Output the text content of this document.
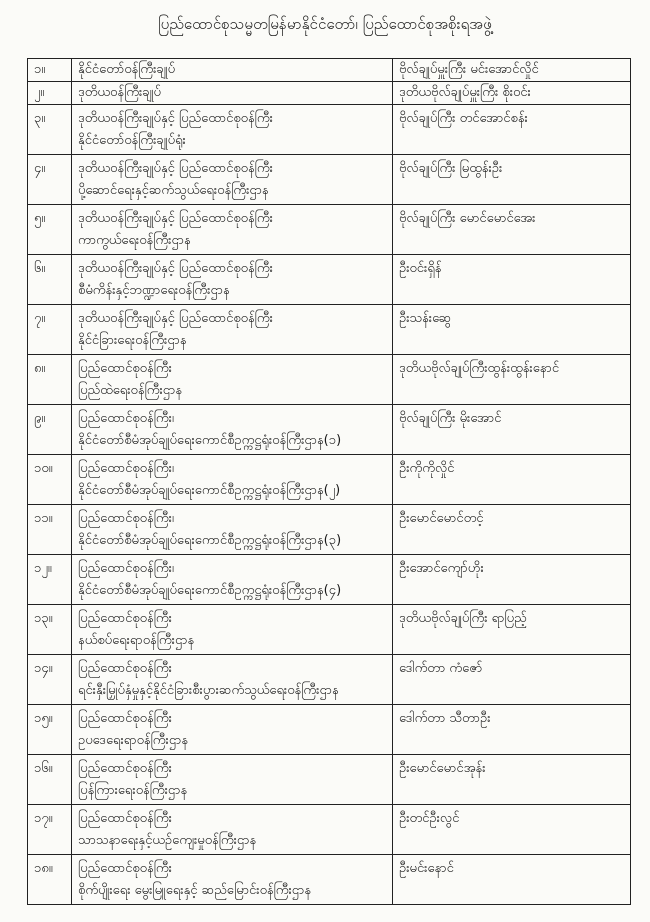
ပြည်ထောင်စုသမ္မတမြန်မာနိုင်ငံတော်၊ ပြည်ထောင်စုအစိုးရအဖွဲ့
၁။	နိုင်ငံတော်ဝန်ကြီးချုပ်	ဗိုလ်ချုပ်မှူးကြီး မင်းအောင်လှိုင်
၂။	ဒုတိယဝန်ကြီးချုပ်	ဒုတိယဗိုလ်ချုပ်မှူးကြီး စိုးဝင်း
၃။	ဒုတိယဝန်ကြီးချုပ်နှင့် ပြည်ထောင်စုဝန်ကြီး
နိုင်ငံတော်ဝန်ကြီးချုပ်ရုံး	ဗိုလ်ချုပ်ကြီး တင်အောင်စန်း
၄။	ဒုတိယဝန်ကြီးချုပ်နှင့် ပြည်ထောင်စုဝန်ကြီး
ပို့ဆောင်ရေးနှင့်ဆက်သွယ်ရေးဝန်ကြီးဌာန	ဗိုလ်ချုပ်ကြီး မြထွန်းဦး
၅။	ဒုတိယဝန်ကြီးချုပ်နှင့် ပြည်ထောင်စုဝန်ကြီး
ကာကွယ်ရေးဝန်ကြီးဌာန	ဗိုလ်ချုပ်ကြီး မောင်မောင်အေး
၆။	ဒုတိယဝန်ကြီးချုပ်နှင့် ပြည်ထောင်စုဝန်ကြီး
စီမံကိန်းနှင့်ဘဏ္ဍာရေးဝန်ကြီးဌာန	ဦးဝင်းရှိန်
၇။	ဒုတိယဝန်ကြီးချုပ်နှင့် ပြည်ထောင်စုဝန်ကြီး
နိုင်ငံခြားရေးဝန်ကြီးဌာန	ဦးသန်းဆွေ
၈။	ပြည်ထောင်စုဝန်ကြီး
ပြည်ထဲရေးဝန်ကြီးဌာန	ဒုတိယဗိုလ်ချုပ်ကြီးထွန်းထွန်းနောင်
၉။	ပြည်ထောင်စုဝန်ကြီး၊
နိုင်ငံတော်စီမံအုပ်ချုပ်ရေးကောင်စီဥက္ကဋ္ဌရုံးဝန်ကြီးဌာန(၁)	ဗိုလ်ချုပ်ကြီး မိုးအောင်
၁၀။	ပြည်ထောင်စုဝန်ကြီး၊
နိုင်ငံတော်စီမံအုပ်ချုပ်ရေးကောင်စီဥက္ကဋ္ဌရုံးဝန်ကြီးဌာန(၂)	ဦးကိုကိုလှိုင်
၁၁။	ပြည်ထောင်စုဝန်ကြီး၊
နိုင်ငံတော်စီမံအုပ်ချုပ်ရေးကောင်စီဥက္ကဋ္ဌရုံးဝန်ကြီးဌာန(၃)	ဦးမောင်မောင်တင့်
၁၂။	ပြည်ထောင်စုဝန်ကြီး၊
နိုင်ငံတော်စီမံအုပ်ချုပ်ရေးကောင်စီဥက္ကဋ္ဌရုံးဝန်ကြီးဌာန(၄)	ဦးအောင်ကျော်ဟိုး
၁၃။	ပြည်ထောင်စုဝန်ကြီး
နယ်စပ်ရေးရာဝန်ကြီးဌာန	ဒုတိယဗိုလ်ချုပ်ကြီး ရာပြည့်
၁၄။	ပြည်ထောင်စုဝန်ကြီး
ရင်းနှီးမြှုပ်နှံမှုနှင့်နိုင်ငံခြားစီးပွားဆက်သွယ်ရေးဝန်ကြီးဌာန	ဒေါက်တာ ကံဇော်
၁၅။	ပြည်ထောင်စုဝန်ကြီး
ဥပဒေရေးရာဝန်ကြီးဌာန	ဒေါက်တာ သီတာဦး
၁၆။	ပြည်ထောင်စုဝန်ကြီး
ပြန်ကြားရေးဝန်ကြီးဌာန	ဦးမောင်မောင်အုန်း
၁၇။	ပြည်ထောင်စုဝန်ကြီး
သာသနာရေးနှင့်ယဉ်ကျေးမှုဝန်ကြီးဌာန	ဦးတင်ဦးလွင်
၁၈။	ပြည်ထောင်စုဝန်ကြီး
စိုက်ပျိုးရေး မွေးမြူရေးနှင့် ဆည်မြောင်းဝန်ကြီးဌာန	ဦးမင်းနောင်
